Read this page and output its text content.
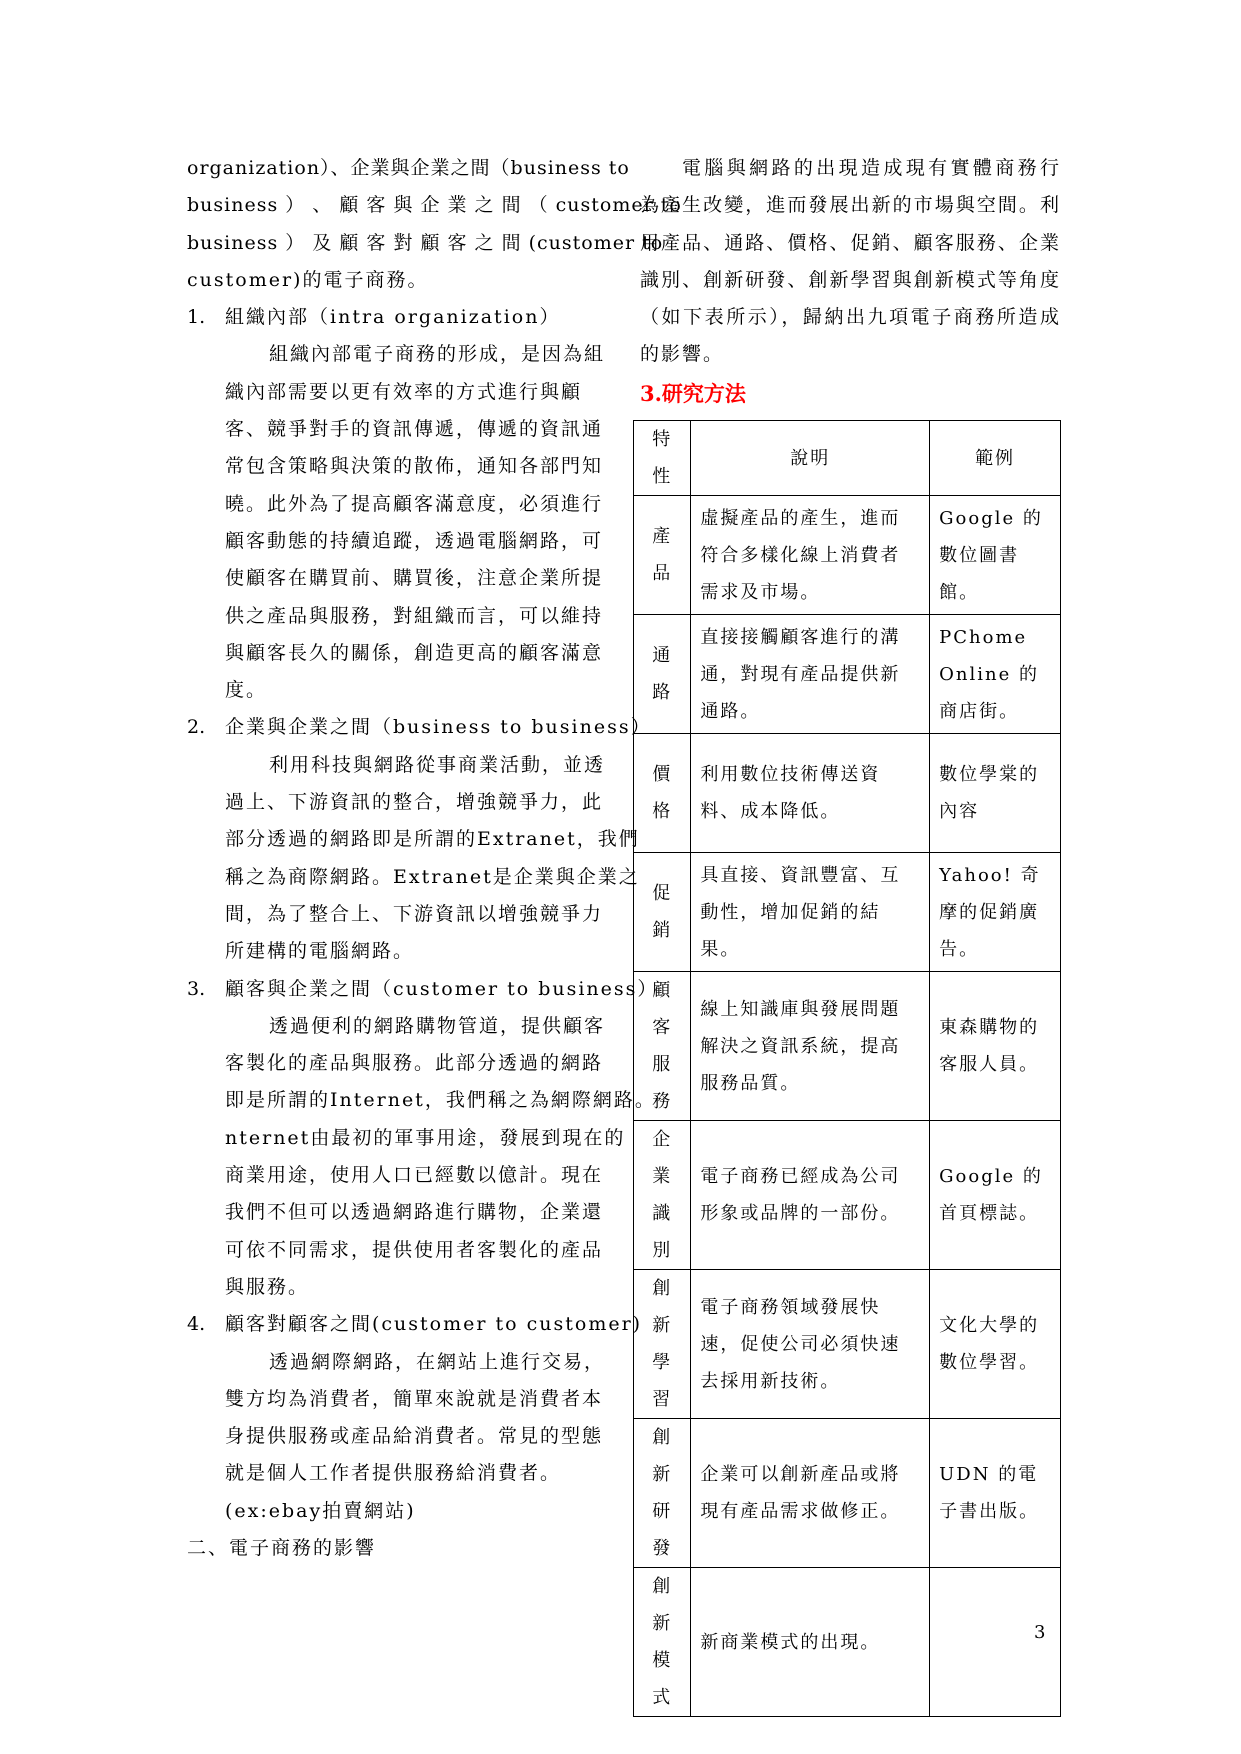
organization）、企業與企業之間（business to
business ） 、 顧 客 與 企 業 之 間 （ customer to
business ） 及 顧 客 對 顧 客 之 間 (customer to
customer)的電子商務。
1. 組織內部（intra organization）
組織內部電子商務的形成，是因為組
織內部需要以更有效率的方式進行與顧
客、競爭對手的資訊傳遞，傳遞的資訊通
常包含策略與決策的散佈，通知各部門知
曉。此外為了提高顧客滿意度，必須進行
顧客動態的持續追蹤，透過電腦網路，可
使顧客在購買前、購買後，注意企業所提
供之產品與服務，對組織而言，可以維持
與顧客長久的關係，創造更高的顧客滿意
度。
2. 企業與企業之間（business to business）
利用科技與網路從事商業活動，並透
過上、下游資訊的整合，增強競爭力，此
部分透過的網路即是所謂的Extranet，我們
稱之為商際網路。Extranet是企業與企業之
間，為了整合上、下游資訊以增強競爭力
所建構的電腦網路。
3. 顧客與企業之間（customer to business）
透過便利的網路購物管道，提供顧客
客製化的產品與服務。此部分透過的網路
即是所謂的Internet，我們稱之為網際網路。
nternet由最初的軍事用途，發展到現在的
商業用途，使用人口已經數以億計。現在
我們不但可以透過網路進行購物，企業還
可依不同需求，提供使用者客製化的產品
與服務。
4. 顧客對顧客之間(customer to customer)
透過網際網路，在網站上進行交易，
雙方均為消費者，簡單來說就是消費者本
身提供服務或產品給消費者。常見的型態
就是個人工作者提供服務給消費者。
(ex:ebay拍賣網站)
二、電子商務的影響
電腦與網路的出現造成現有實體商務行
為產生改變，進而發展出新的市場與空間。利
用產品、通路、價格、促銷、顧客服務、企業
識別、創新研發、創新學習與創新模式等角度
（如下表所示），歸納出九項電子商務所造成
的影響。
3.研究方法
特性	說明	範例
產品	虛擬產品的產生，進而符合多樣化線上消費者需求及市場。	Google 的數位圖書館。
通路	直接接觸顧客進行的溝通，對現有產品提供新通路。	PChome Online 的商店街。
價格	利用數位技術傳送資料、成本降低。	數位學棠的內容
促銷	具直接、資訊豐富、互動性，增加促銷的結果。	Yahoo! 奇摩的促銷廣告。
顧客服務	線上知識庫與發展問題解決之資訊系統，提高服務品質。	東森購物的客服人員。
企業識別	電子商務已經成為公司形象或品牌的一部份。	Google 的首頁標誌。
創新學習	電子商務領域發展快速，促使公司必須快速去採用新技術。	文化大學的數位學習。
創新研發	企業可以創新產品或將現有產品需求做修正。	UDN 的電子書出版。
創新模式	新商業模式的出現。		3
